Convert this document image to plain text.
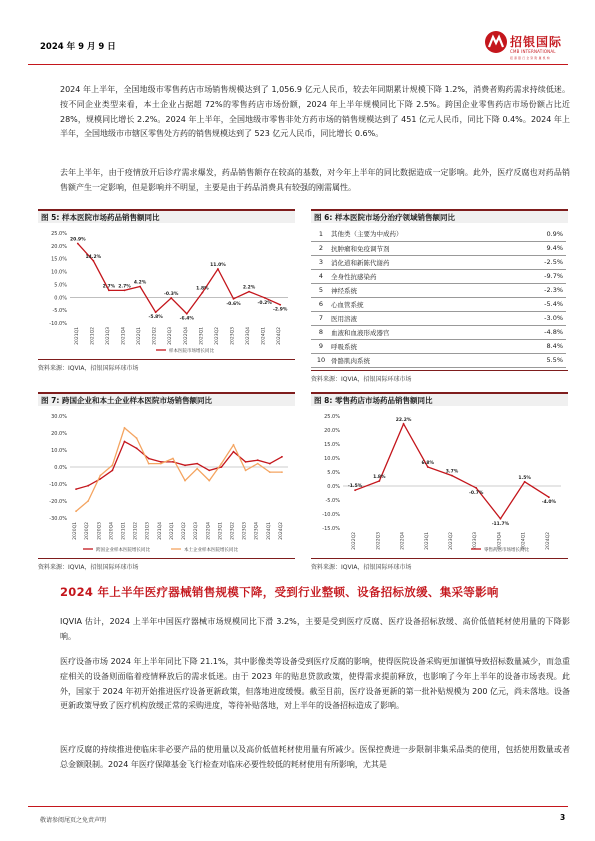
2024 年 9 月 9 日	招银国际
CMB INTERNATIONAL
招 商 银 行 全 资 附 属 机 构
2024 年上半年，全国地级市零售药店市场销售规模达到了 1,056.9 亿元人民币，较去年同期累计规模下降 1.2%，消费者购药需求持续低迷。按不同企业类型来看，本土企业占据超 72%的零售药店市场份额，2024 年上半年规模同比下降 2.5%。跨国企业零售药店市场份额占比近 28%，规模同比增长 2.2%。2024 年上半年，全国地级市零售非处方药市场的销售规模达到了 451 亿元人民币，同比下降 0.4%。2024 年上半年，全国地级市市辖区零售处方药的销售规模达到了 523 亿元人民币，同比增长 0.6%。
去年上半年，由于疫情放开后诊疗需求爆发，药品销售额存在较高的基数，对今年上半年的同比数据造成一定影响。此外，医疗反腐也对药品销售额产生一定影响，但是影响并不明显，主要是由于药品消费具有较强的刚需属性。
图 5: 样本医院市场药品销售额同比
25.0%
20.0%
15.0%
10.0%
5.0%
0.0%
-5.0%
-10.0%
2021Q1 2021Q2 2021Q3 2021Q4 2022Q1 2022Q2 2022Q3 2022Q4 2023Q1 2023Q2 2023Q3 2023Q4 2024Q1 2024Q2
20.9%
14.2%
2.7% 2.7%
4.2%
-5.8%
-0.3%
-6.4%
1.8%
11.0%
-0.6%
2.2%
-0.2%
-2.9%
样本医院市场增长同比
资料来源：IQVIA，招银国际环球市场
图 6: 样本医院市场分治疗领域销售额同比
1	其他类（主要为中成药）	0.9%
2	抗肿瘤和免疫调节剂	9.4%
3	消化道和新陈代谢药	-2.5%
4	全身性抗感染药	-9.7%
5	神经系统	-2.3%
6	心血管系统	-5.4%
7	医用溶液	-3.0%
8	血液和血液形成器官	-4.8%
9	呼吸系统	8.4%
10	骨骼肌肉系统	5.5%
资料来源：IQVIA，招银国际环球市场
图 7: 跨国企业和本土企业样本医院市场销售额同比
30.0%
20.0%
10.0%
0.0%
-10.0%
-20.0%
-30.0%
2020Q1 2020Q2 2020Q3 2020Q4 2021Q1 2021Q2 2021Q3 2021Q4 2022Q1 2022Q2 2022Q3 2022Q4 2023Q1 2023Q2 2023Q3 2023Q4 2024Q1 2024Q2
跨国企业样本医院增长同比	本土企业样本医院增长同比
资料来源：IQVIA，招银国际环球市场
图 8: 零售药店市场药品销售额同比
25.0%
20.0%
15.0%
10.0%
5.0%
0.0%
-5.0%
-10.0%
-15.0%
2022Q2	2022Q3	2022Q4	2023Q1	2023Q2	2023Q3	2023Q4	2024Q1	2024Q2
-1.5%
1.8%
22.2%
6.8%
3.7%
-0.7%
-11.7%
1.5%
-4.0%
零售药店市场增长同比
资料来源：IQVIA，招银国际环球市场
2024 年上半年医疗器械销售规模下降，受到行业整顿、设备招标放缓、集采等影响
IQVIA 估计，2024 上半年中国医疗器械市场规模同比下滑 3.2%，主要是受到医疗反腐、医疗设备招标放缓、高价低值耗材使用量的下降影响。
医疗设备市场 2024 年上半年同比下降 21.1%，其中影像类等设备受到医疗反腐的影响，使得医院设备采购更加谨慎导致招标数量减少，而急重症相关的设备则面临着疫情释放后的需求低迷。由于 2023 年的贴息贷款政策，使得需求提前释放，也影响了今年上半年的设备市场表现。此外，国家于 2024 年初开始推进医疗设备更新政策，但落地进度缓慢。截至目前，医疗设备更新的第一批补贴规模为 200 亿元，尚未落地。设备更新政策导致了医疗机构放缓正常的采购进度，等待补贴落地，对上半年的设备招标造成了影响。
医疗反腐的持续推进使临床非必要产品的使用量以及高价低值耗材使用量有所减少。医保控费进一步限制非集采品类的使用，包括使用数量或者总金额限制。2024 年医疗保障基金飞行检查对临床必要性较低的耗材使用有所影响，尤其是
敬请参阅尾页之免责声明	3
